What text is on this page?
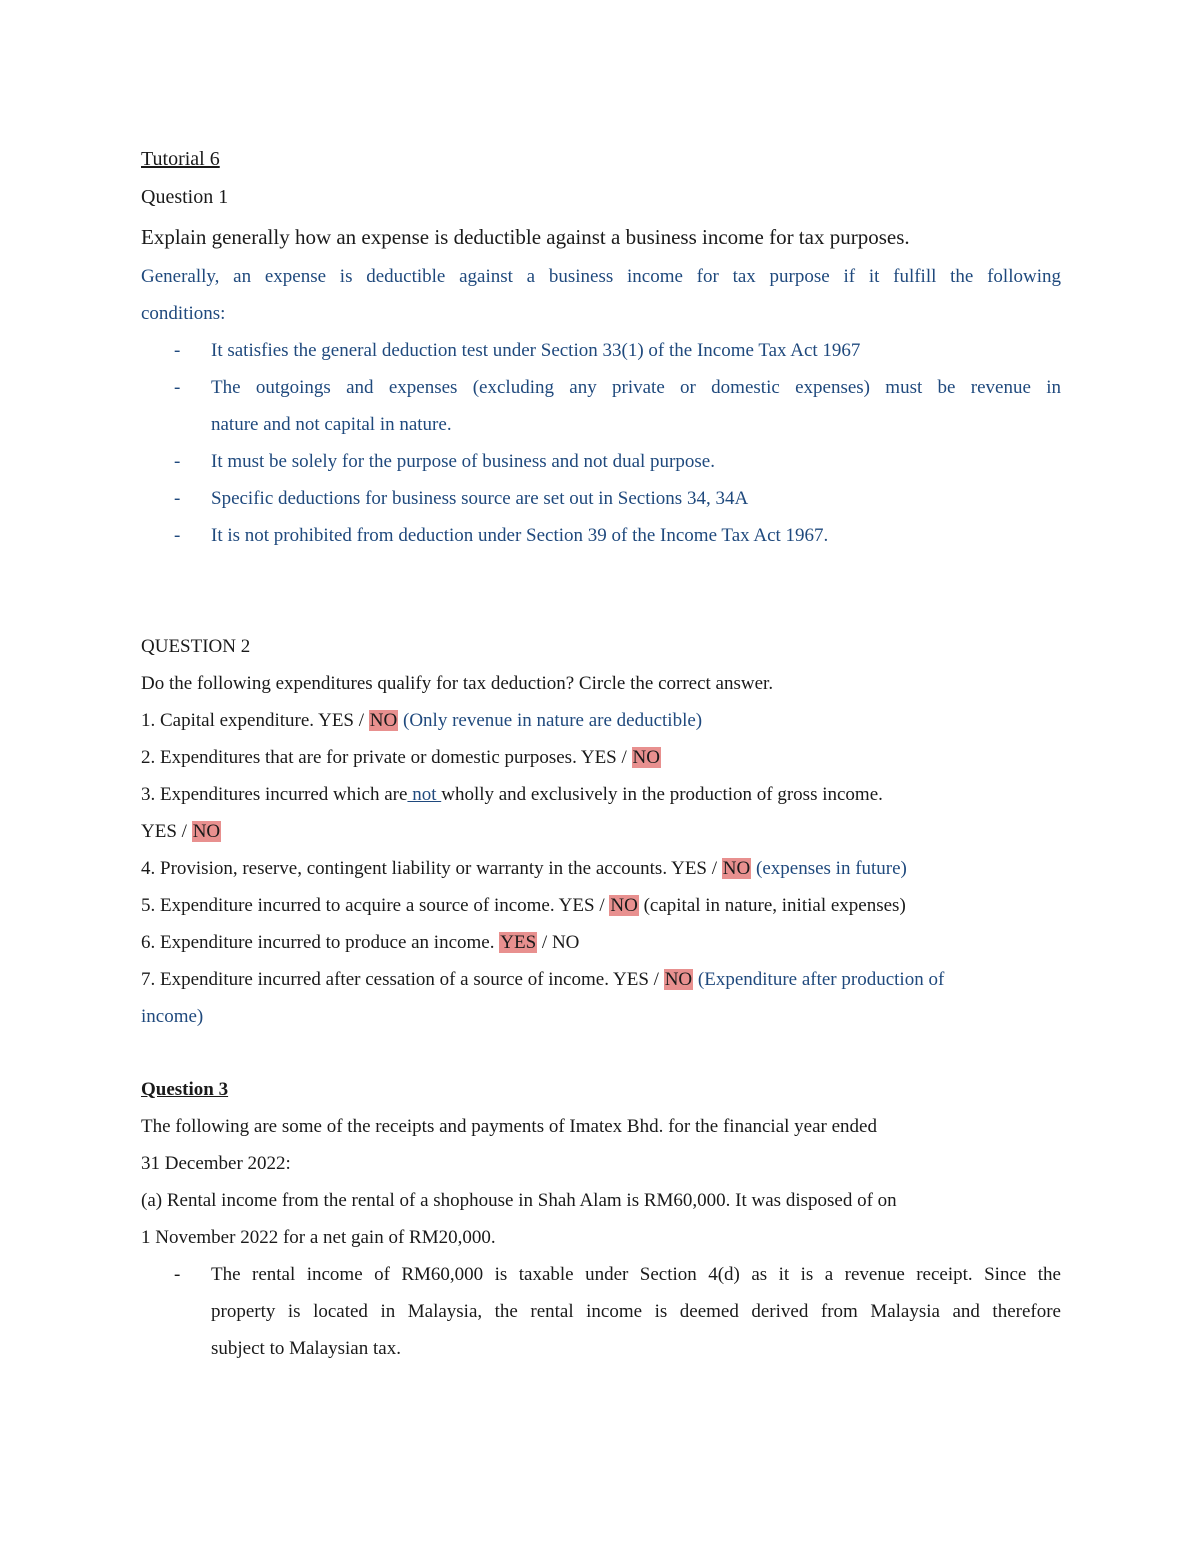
Tutorial 6
Question 1
Explain generally how an expense is deductible against a business income for tax purposes.
Generally, an expense is deductible against a business income for tax purpose if it fulfill the following
conditions:
- It satisfies the general deduction test under Section 33(1) of the Income Tax Act 1967
- The outgoings and expenses (excluding any private or domestic expenses) must be revenue in
nature and not capital in nature.
- It must be solely for the purpose of business and not dual purpose.
- Specific deductions for business source are set out in Sections 34, 34A
- It is not prohibited from deduction under Section 39 of the Income Tax Act 1967.
QUESTION 2
Do the following expenditures qualify for tax deduction? Circle the correct answer.
1. Capital expenditure. YES / NO (Only revenue in nature are deductible)
2. Expenditures that are for private or domestic purposes. YES / NO
3. Expenditures incurred which are not wholly and exclusively in the production of gross income.
YES / NO
4. Provision, reserve, contingent liability or warranty in the accounts. YES / NO (expenses in future)
5. Expenditure incurred to acquire a source of income. YES / NO (capital in nature, initial expenses)
6. Expenditure incurred to produce an income. YES / NO
7. Expenditure incurred after cessation of a source of income. YES / NO (Expenditure after production of
income)
Question 3
The following are some of the receipts and payments of Imatex Bhd. for the financial year ended
31 December 2022:
(a) Rental income from the rental of a shophouse in Shah Alam is RM60,000. It was disposed of on
1 November 2022 for a net gain of RM20,000.
- The rental income of RM60,000 is taxable under Section 4(d) as it is a revenue receipt. Since the
property is located in Malaysia, the rental income is deemed derived from Malaysia and therefore
subject to Malaysian tax.
